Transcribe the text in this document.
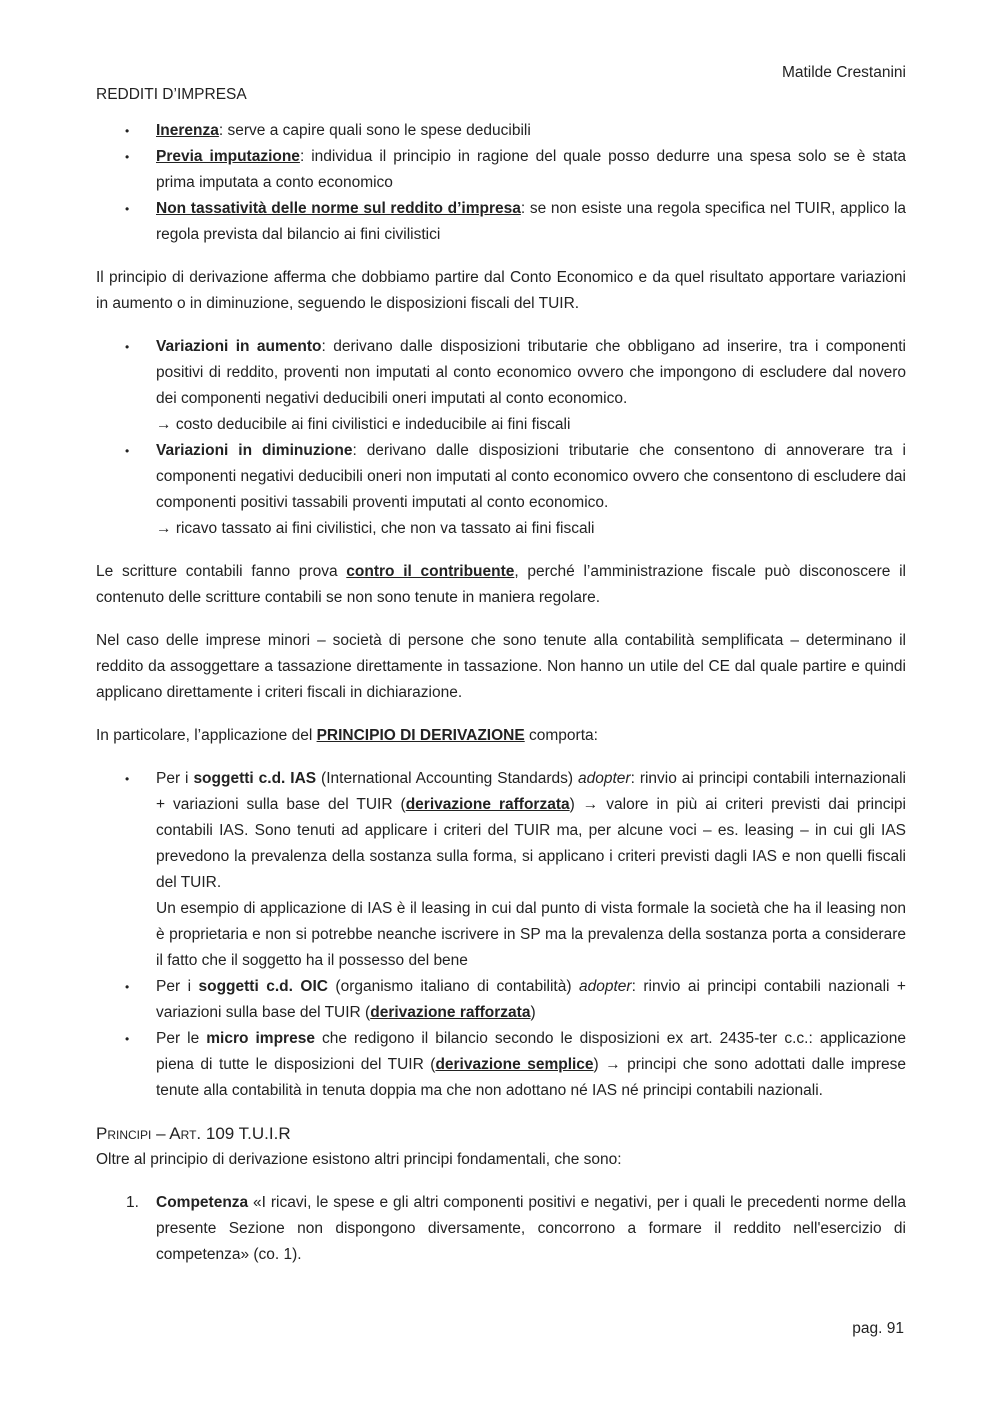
Matilde Crestanini
REDDITI D’IMPRESA
• Inerenza: serve a capire quali sono le spese deducibili
• Previa imputazione: individua il principio in ragione del quale posso dedurre una spesa solo se è stata prima imputata a conto economico
• Non tassatività delle norme sul reddito d’impresa: se non esiste una regola specifica nel TUIR, applico la regola prevista dal bilancio ai fini civilistici

Il principio di derivazione afferma che dobbiamo partire dal Conto Economico e da quel risultato apportare variazioni in aumento o in diminuzione, seguendo le disposizioni fiscali del TUIR.

• Variazioni in aumento: derivano dalle disposizioni tributarie che obbligano ad inserire, tra i componenti positivi di reddito, proventi non imputati al conto economico ovvero che impongono di escludere dal novero dei componenti negativi deducibili oneri imputati al conto economico.
→ costo deducibile ai fini civilistici e indeducibile ai fini fiscali
• Variazioni in diminuzione: derivano dalle disposizioni tributarie che consentono di annoverare tra i componenti negativi deducibili oneri non imputati al conto economico ovvero che consentono di escludere dai componenti positivi tassabili proventi imputati al conto economico.
→ ricavo tassato ai fini civilistici, che non va tassato ai fini fiscali

Le scritture contabili fanno prova contro il contribuente, perché l’amministrazione fiscale può disconoscere il contenuto delle scritture contabili se non sono tenute in maniera regolare.

Nel caso delle imprese minori – società di persone che sono tenute alla contabilità semplificata – determinano il reddito da assoggettare a tassazione direttamente in tassazione. Non hanno un utile del CE dal quale partire e quindi applicano direttamente i criteri fiscali in dichiarazione.

In particolare, l’applicazione del PRINCIPIO DI DERIVAZIONE comporta:

• Per i soggetti c.d. IAS (International Accounting Standards) adopter: rinvio ai principi contabili internazionali + variazioni sulla base del TUIR (derivazione rafforzata) → valore in più ai criteri previsti dai principi contabili IAS. Sono tenuti ad applicare i criteri del TUIR ma, per alcune voci – es. leasing – in cui gli IAS prevedono la prevalenza della sostanza sulla forma, si applicano i criteri previsti dagli IAS e non quelli fiscali del TUIR.
Un esempio di applicazione di IAS è il leasing in cui dal punto di vista formale la società che ha il leasing non è proprietaria e non si potrebbe neanche iscrivere in SP ma la prevalenza della sostanza porta a considerare il fatto che il soggetto ha il possesso del bene
• Per i soggetti c.d. OIC (organismo italiano di contabilità) adopter: rinvio ai principi contabili nazionali + variazioni sulla base del TUIR (derivazione rafforzata)
• Per le micro imprese che redigono il bilancio secondo le disposizioni ex art. 2435-ter c.c.: applicazione piena di tutte le disposizioni del TUIR (derivazione semplice) → principi che sono adottati dalle imprese tenute alla contabilità in tenuta doppia ma che non adottano né IAS né principi contabili nazionali.
Principi – Art. 109 T.U.I.R

Oltre al principio di derivazione esistono altri principi fondamentali, che sono:

1. Competenza «I ricavi, le spese e gli altri componenti positivi e negativi, per i quali le precedenti norme della presente Sezione non dispongono diversamente, concorrono a formare il reddito nell'esercizio di competenza» (co. 1).
pag. 91
